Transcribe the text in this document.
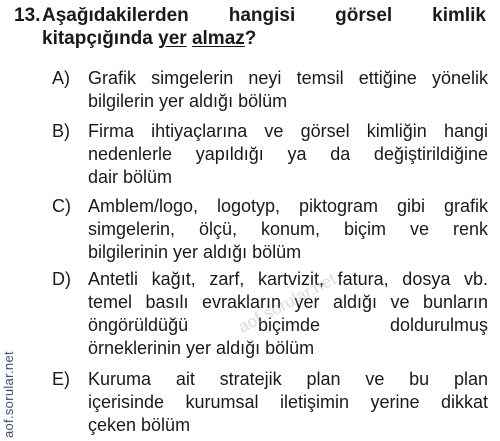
13. Aşağıdakilerden hangisi görsel kimlik
kitapçığında yer almaz?
A) Grafik simgelerin neyi temsil ettiğine yönelik
bilgilerin yer aldığı bölüm
B) Firma ihtiyaçlarına ve görsel kimliğin hangi
nedenlerle yapıldığı ya da değiştirildiğine
dair bölüm
C) Amblem/logo, logotyp, piktogram gibi grafik
simgelerin, ölçü, konum, biçim ve renk
bilgilerinin yer aldığı bölüm
D) Antetli kağıt, zarf, kartvizit, fatura, dosya vb.
temel basılı evrakların yer aldığı ve bunların
öngörüldüğü biçimde doldurulmuş
örneklerinin yer aldığı bölüm
E) Kuruma ait stratejik plan ve bu plan
içerisinde kurumsal iletişimin yerine dikkat
çeken bölüm
aof.sorular.net
aof.sorular.net
